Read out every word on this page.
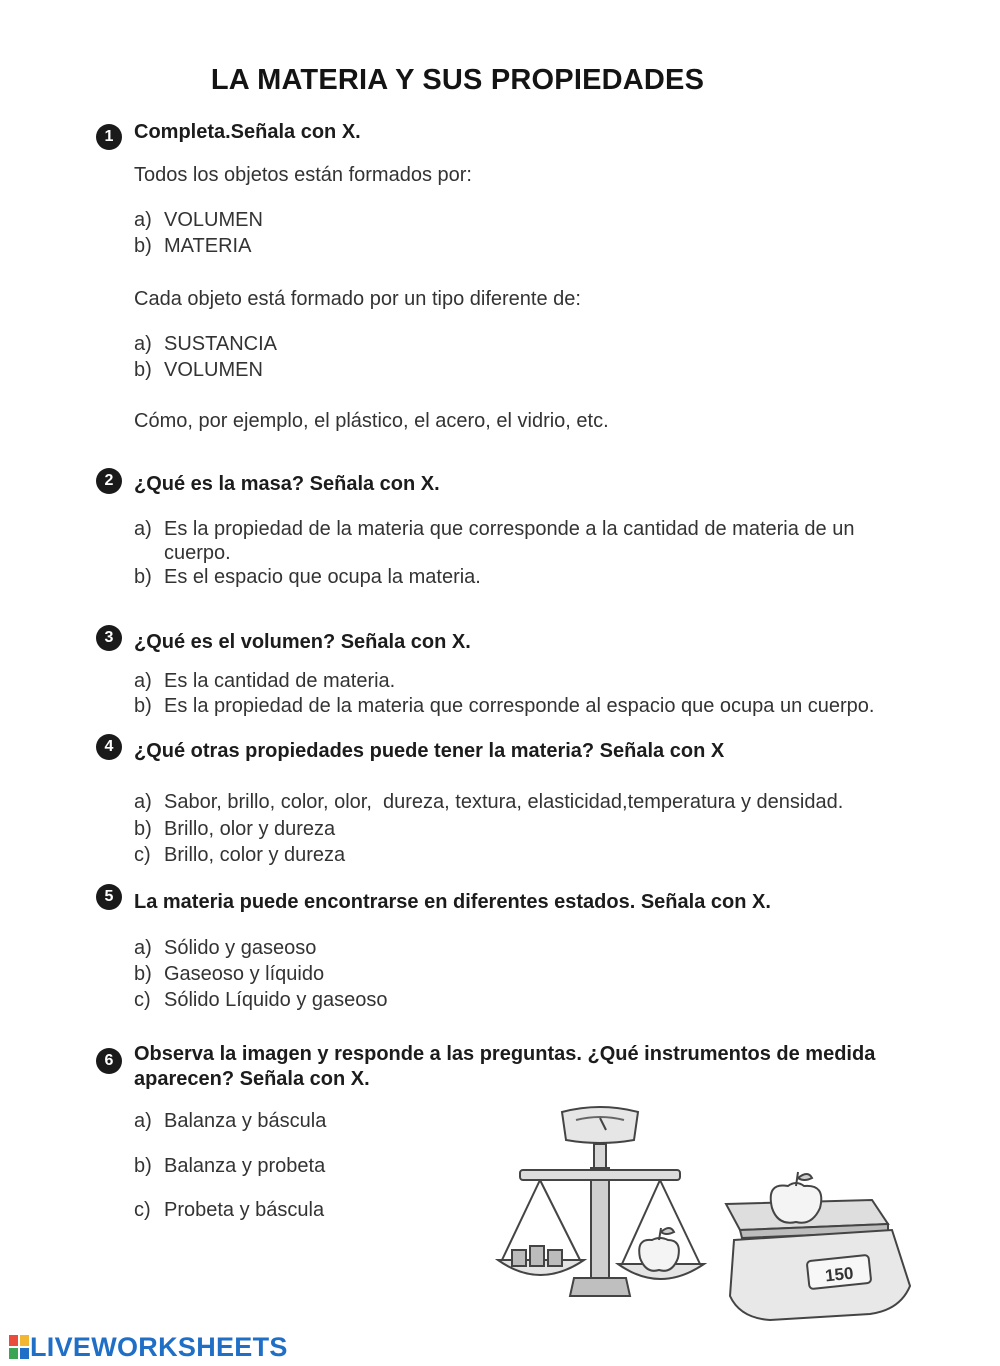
LA MATERIA Y SUS PROPIEDADES
1	Completa.Señala con X.
Todos los objetos están formados por:
a) VOLUMEN
b) MATERIA
Cada objeto está formado por un tipo diferente de:
a) SUSTANCIA
b) VOLUMEN
Cómo, por ejemplo, el plástico, el acero, el vidrio, etc.
2	¿Qué es la masa? Señala con X.
a) Es la propiedad de la materia que corresponde a la cantidad de materia de un cuerpo.
b) Es el espacio que ocupa la materia.
3	¿Qué es el volumen? Señala con X.
a) Es la cantidad de materia.
b) Es la propiedad de la materia que corresponde al espacio que ocupa un cuerpo.
4	¿Qué otras propiedades puede tener la materia? Señala con X
a) Sabor, brillo, color, olor,  dureza, textura, elasticidad,temperatura y densidad.
b) Brillo, olor y dureza
c) Brillo, color y dureza
5	La materia puede encontrarse en diferentes estados. Señala con X.
a) Sólido y gaseoso
b) Gaseoso y líquido
c) Sólido Líquido y gaseoso
6	Observa la imagen y responde a las preguntas. ¿Qué instrumentos de medida aparecen? Señala con X.
a) Balanza y báscula
b) Balanza y probeta
c) Probeta y báscula
150
LIVEWORKSHEETS
